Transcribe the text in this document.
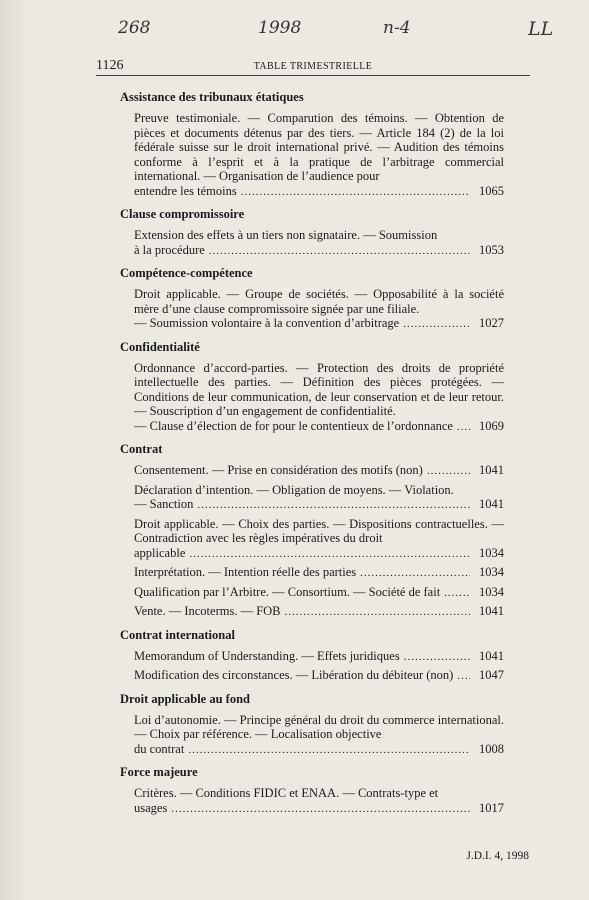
268	1998	n-4	LL
1126	TABLE TRIMESTRIELLE
Assistance des tribunaux étatiques
Preuve testimoniale. — Comparution des témoins. — Obtention de pièces et documents détenus par des tiers. — Article 184 (2) de la loi fédérale suisse sur le droit international privé. — Audition des témoins conforme à l’esprit et à la pratique de l’arbitrage commercial international. — Organisation de l’audience pour
entendre les témoins .....	1065
Clause compromissoire
Extension des effets à un tiers non signataire. — Soumission
à la procédure .....	1053
Compétence-compétence
Droit applicable. — Groupe de sociétés. — Opposabilité à la société mère d’une clause compromissoire signée par une filiale.
— Soumission volontaire à la convention d’arbitrage .....	1027
Confidentialité
Ordonnance d’accord-parties. — Protection des droits de propriété intellectuelle des parties. — Définition des pièces protégées. — Conditions de leur communication, de leur conservation et de leur retour. — Souscription d’un engagement de confidentialité.
— Clause d’élection de for pour le contentieux de l’ordonnance .....	1069
Contrat
Consentement. — Prise en considération des motifs (non) .....	1041
Déclaration d’intention. — Obligation de moyens. — Violation.
— Sanction .....	1041
Droit applicable. — Choix des parties. — Dispositions contractuelles. — Contradiction avec les règles impératives du droit
applicable .....	1034
Interprétation. — Intention réelle des parties .....	1034
Qualification par l’Arbitre. — Consortium. — Société de fait .....	1034
Vente. — Incoterms. — FOB .....	1041
Contrat international
Memorandum of Understanding. — Effets juridiques .....	1041
Modification des circonstances. — Libération du débiteur (non) .....	1047
Droit applicable au fond
Loi d’autonomie. — Principe général du droit du commerce international. — Choix par référence. — Localisation objective
du contrat .....	1008
Force majeure
Critères. — Conditions FIDIC et ENAA. — Contrats-type et
usages .....	1017
J.D.I. 4, 1998
